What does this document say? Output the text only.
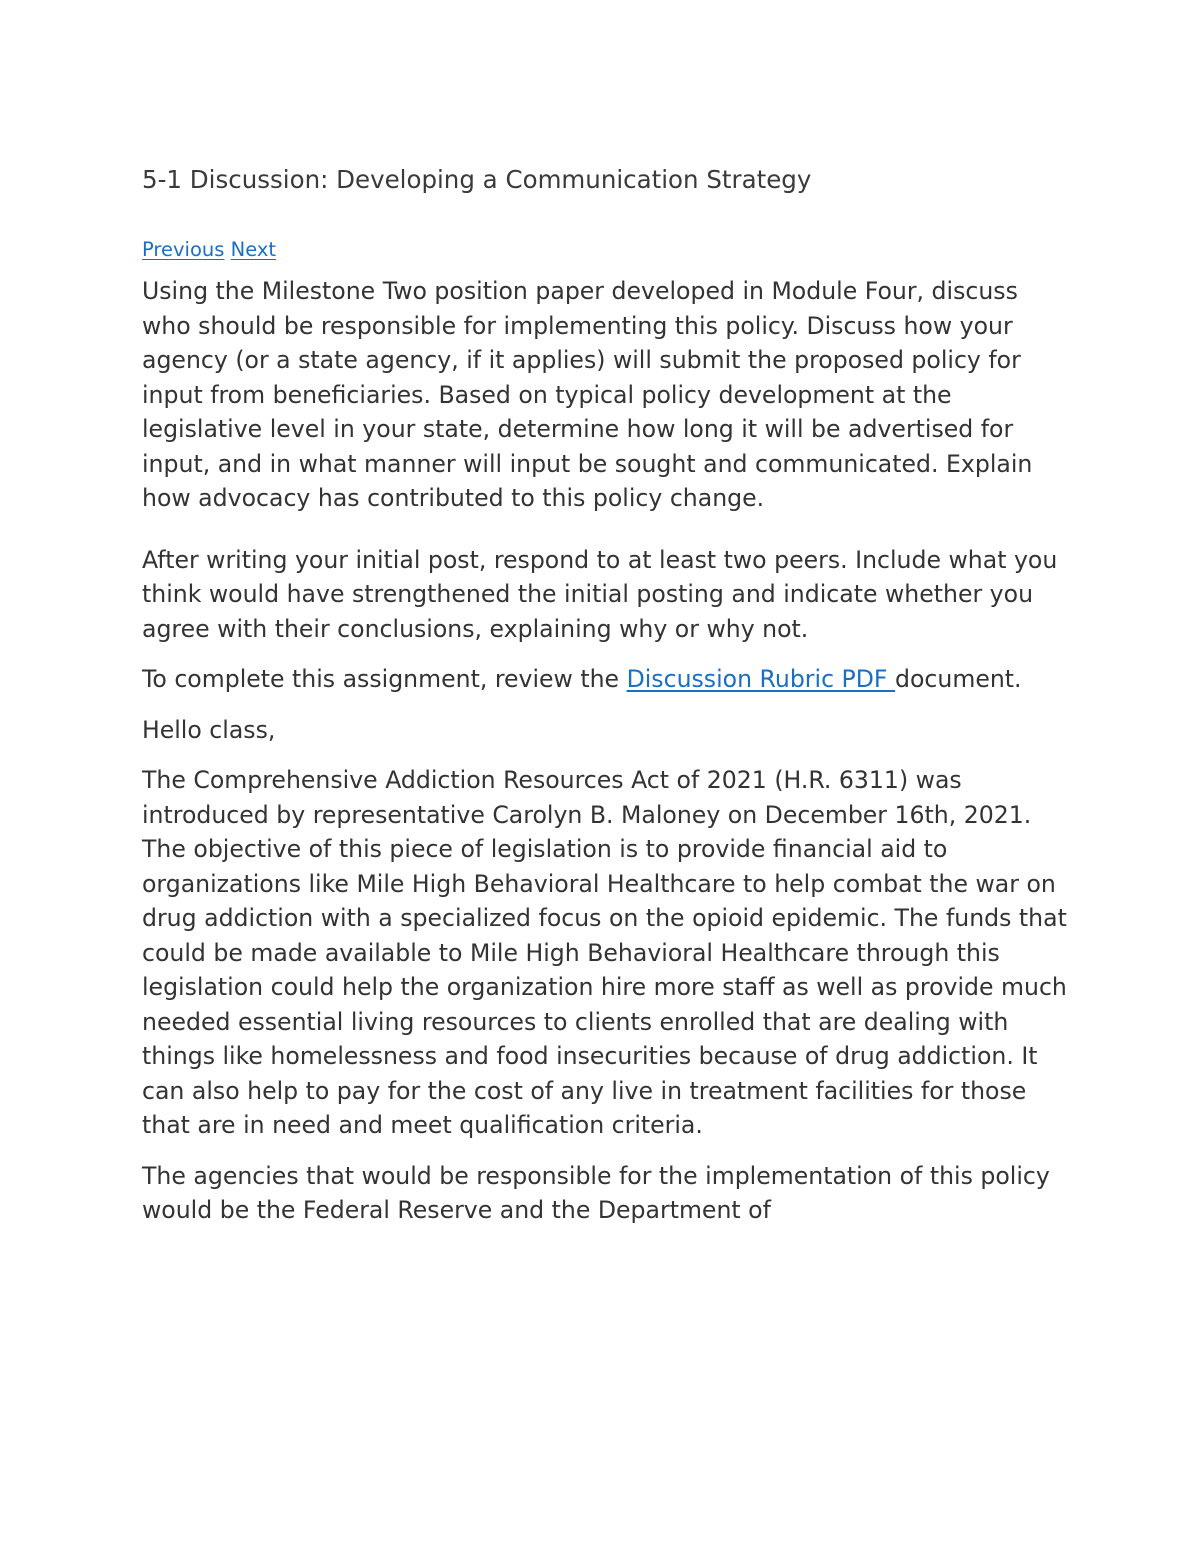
5-1 Discussion: Developing a Communication Strategy

Previous Next

Using the Milestone Two position paper developed in Module Four, discuss who should be responsible for implementing this policy. Discuss how your agency (or a state agency, if it applies) will submit the proposed policy for input from beneficiaries. Based on typical policy development at the legislative level in your state, determine how long it will be advertised for input, and in what manner will input be sought and communicated. Explain how advocacy has contributed to this policy change.

After writing your initial post, respond to at least two peers. Include what you think would have strengthened the initial posting and indicate whether you agree with their conclusions, explaining why or why not.

To complete this assignment, review the Discussion Rubric PDF document.

Hello class,

The Comprehensive Addiction Resources Act of 2021 (H.R. 6311) was introduced by representative Carolyn B. Maloney on December 16th, 2021. The objective of this piece of legislation is to provide financial aid to organizations like Mile High Behavioral Healthcare to help combat the war on drug addiction with a specialized focus on the opioid epidemic. The funds that could be made available to Mile High Behavioral Healthcare through this legislation could help the organization hire more staff as well as provide much needed essential living resources to clients enrolled that are dealing with things like homelessness and food insecurities because of drug addiction. It can also help to pay for the cost of any live in treatment facilities for those that are in need and meet qualification criteria.

The agencies that would be responsible for the implementation of this policy would be the Federal Reserve and the Department of
